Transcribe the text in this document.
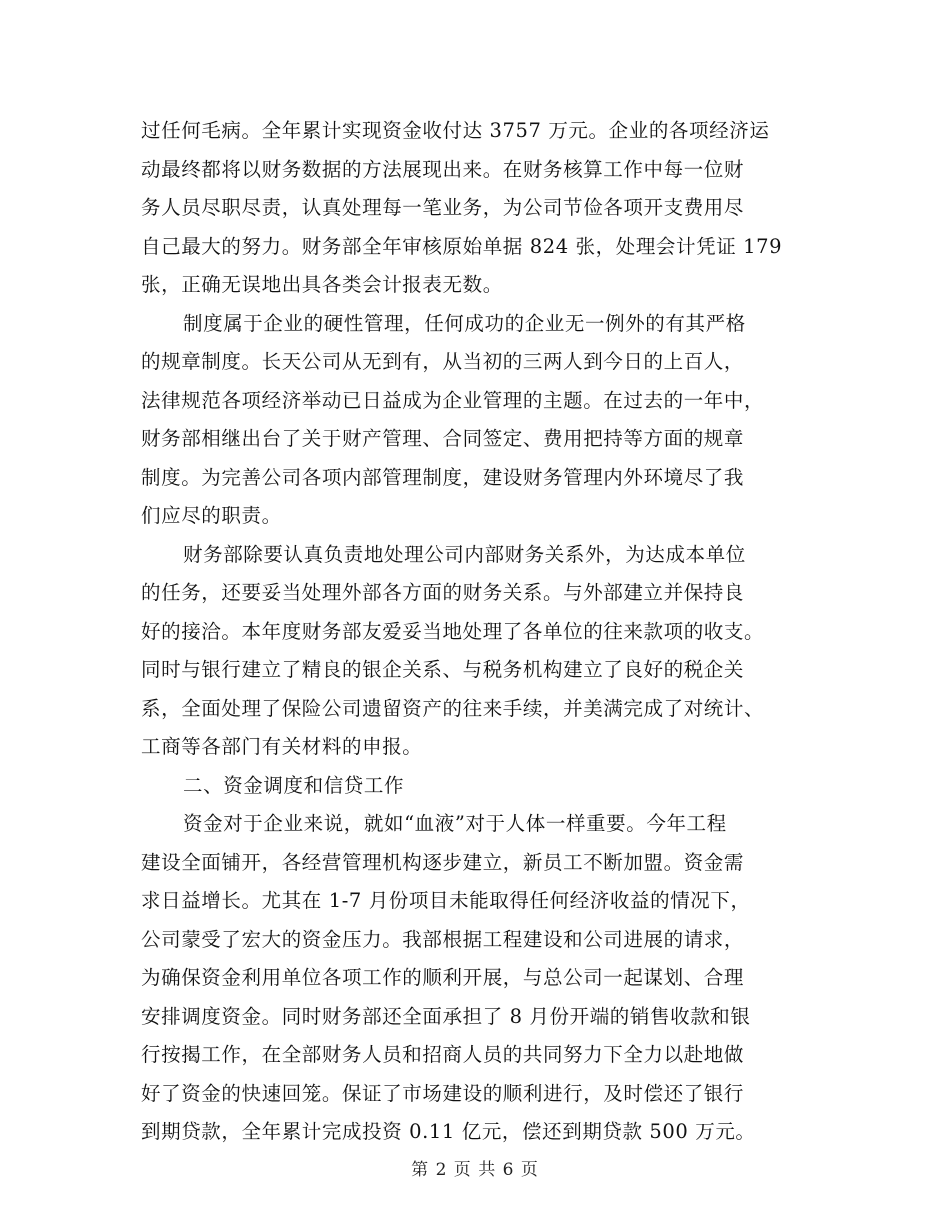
过任何毛病。全年累计实现资金收付达 3757 万元。企业的各项经济运
动最终都将以财务数据的方法展现出来。在财务核算工作中每一位财
务人员尽职尽责，认真处理每一笔业务，为公司节俭各项开支费用尽
自己最大的努力。财务部全年审核原始单据 824 张，处理会计凭证 179
张，正确无误地出具各类会计报表无数。
制度属于企业的硬性管理，任何成功的企业无一例外的有其严格
的规章制度。长天公司从无到有，从当初的三两人到今日的上百人，
法律规范各项经济举动已日益成为企业管理的主题。在过去的一年中，
财务部相继出台了关于财产管理、合同签定、费用把持等方面的规章
制度。为完善公司各项内部管理制度，建设财务管理内外环境尽了我
们应尽的职责。
财务部除要认真负责地处理公司内部财务关系外，为达成本单位
的任务，还要妥当处理外部各方面的财务关系。与外部建立并保持良
好的接洽。本年度财务部友爱妥当地处理了各单位的往来款项的收支。
同时与银行建立了精良的银企关系、与税务机构建立了良好的税企关
系，全面处理了保险公司遗留资产的往来手续，并美满完成了对统计、
工商等各部门有关材料的申报。
二、资金调度和信贷工作
资金对于企业来说，就如“血液”对于人体一样重要。今年工程
建设全面铺开，各经营管理机构逐步建立，新员工不断加盟。资金需
求日益增长。尤其在 1-7 月份项目未能取得任何经济收益的情况下，
公司蒙受了宏大的资金压力。我部根据工程建设和公司进展的请求，
为确保资金利用单位各项工作的顺利开展，与总公司一起谋划、合理
安排调度资金。同时财务部还全面承担了 8 月份开端的销售收款和银
行按揭工作，在全部财务人员和招商人员的共同努力下全力以赴地做
好了资金的快速回笼。保证了市场建设的顺利进行，及时偿还了银行
到期贷款，全年累计完成投资 0.11 亿元，偿还到期贷款 500 万元。
第 2 页 共 6 页
